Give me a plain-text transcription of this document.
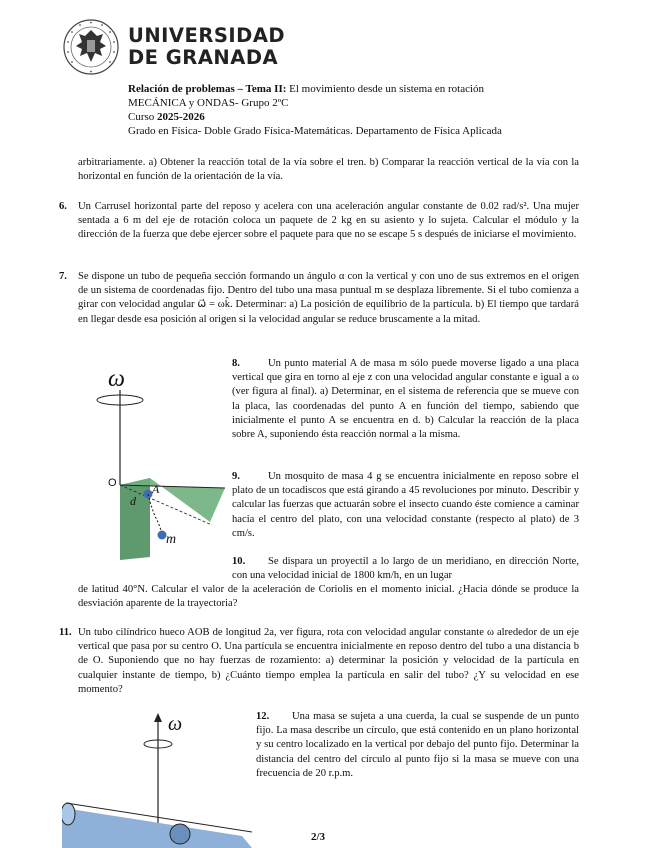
UNIVERSIDAD
DE GRANADA
Relación de problemas – Tema II: El movimiento desde un sistema en rotación
MECÁNICA y ONDAS- Grupo 2ºC
Curso 2025-2026
Grado en Física- Doble Grado Física-Matemáticas. Departamento de Física Aplicada
arbitrariamente. a) Obtener la reacción total de la vía sobre el tren. b) Comparar la reacción vertical de la vía con la horizontal en función de la orientación de la vía.
6. Un Carrusel horizontal parte del reposo y acelera con una aceleración angular constante de 0.02 rad/s². Una mujer sentada a 6 m del eje de rotación coloca un paquete de 2 kg en su asiento y lo sujeta. Calcular el módulo y la dirección de la fuerza que debe ejercer sobre el paquete para que no se escape 5 s después de iniciarse el movimiento.
7. Se dispone un tubo de pequeña sección formando un ángulo α con la vertical y con uno de sus extremos en el origen de un sistema de coordenadas fijo. Dentro del tubo una masa puntual m se desplaza libremente. Si el tubo comienza a girar con velocidad angular ω⃗ = ωk̂. Determinar: a) La posición de equilibrio de la partícula. b) El tiempo que tardará en llegar desde esa posición al origen si la velocidad angular se reduce bruscamente a la mitad.
ω
O	A
d
m
8.	Un punto material A de masa m sólo puede moverse ligado a una placa vertical que gira en torno al eje z con una velocidad angular constante e igual a ω (ver figura al final). a) Determinar, en el sistema de referencia que se mueve con la placa, las coordenadas del punto A en función del tiempo, sabiendo que inicialmente el punto A se encuentra en d. b) Calcular la reacción de la placa sobre A, suponiendo ésta reacción normal a la misma.
9.	Un mosquito de masa 4 g se encuentra inicialmente en reposo sobre el plato de un tocadiscos que está girando a 45 revoluciones por minuto. Describir y calcular las fuerzas que actuarán sobre el insecto cuando éste comience a caminar hacia el centro del plato, con una velocidad constante (respecto al plato) de 3 cm/s.
10.	Se dispara un proyectil a lo largo de un meridiano, en dirección Norte, con una velocidad inicial de 1800 km/h, en un lugar
de latitud 40°N. Calcular el valor de la aceleración de Coriolis en el momento inicial. ¿Hacia dónde se produce la desviación aparente de la trayectoria?
11. Un tubo cilíndrico hueco AOB de longitud 2a, ver figura, rota con velocidad angular constante ω alrededor de un eje vertical que pasa por su centro O. Una partícula se encuentra inicialmente en reposo dentro del tubo a una distancia b de O. Suponiendo que no hay fuerzas de rozamiento: a) determinar la posición y velocidad de la partícula en cualquier instante de tiempo, b) ¿Cuánto tiempo emplea la partícula en salir del tubo? ¿Y su velocidad en ese momento?
ω	12.	Una masa se sujeta a una cuerda, la cual se suspende de un punto fijo. La masa describe un círculo, que está contenido en un plano horizontal y su centro localizado en la vertical por debajo del punto fijo. Determinar la distancia del centro del círculo al punto fijo si la masa se mueve con una frecuencia de 20 r.p.m.
2/3
